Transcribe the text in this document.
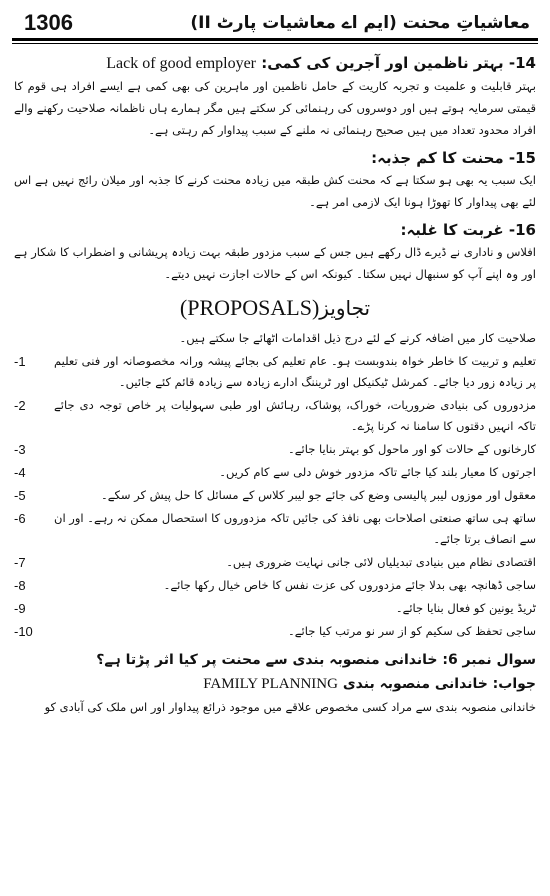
1306	معاشیاتِ محنت (ایم اے معاشیات پارٹ II)

14- بہتر ناظمین اور آجرین کی کمی: Lack of good employer

بہتر قابلیت و علمیت و تجربہ کاریت کے حامل ناظمین اور ماہرین کی بھی کمی ہے ایسے افراد ہی قوم کا قیمتی سرمایہ ہوتے ہیں اور دوسروں کی رہنمائی کر سکتے ہیں مگر ہمارے ہاں ناظمانہ صلاحیت رکھنے والے افراد محدود تعداد میں ہیں صحیح رہنمائی نہ ملنے کے سبب پیداوار کم رہتی ہے۔

15- محنت کا کم جذبہ:

ایک سبب یہ بھی ہو سکتا ہے کہ محنت کش طبقہ میں زیادہ محنت کرنے کا جذبہ اور میلان رائج نہیں ہے اس لئے بھی پیداوار کا تھوڑا ہونا ایک لازمی امر ہے۔

16- غربت کا غلبہ:

افلاس و ناداری نے ڈیرے ڈال رکھے ہیں جس کے سبب مزدور طبقہ بہت زیادہ پریشانی و اضطراب کا شکار ہے اور وہ اپنے آپ کو سنبھال نہیں سکتا۔ کیونکہ اس کے حالات اجازت نہیں دیتے۔

تجاویز(PROPOSALS)

صلاحیت کار میں اضافہ کرنے کے لئے درج ذیل اقدامات اٹھائے جا سکتے ہیں۔

-1	تعلیم و تربیت کا خاطر خواہ بندوبست ہو۔ عام تعلیم کی بجائے پیشہ ورانہ مخصوصانہ اور فنی تعلیم پر زیادہ زور دیا جائے۔ کمرشل ٹیکنیکل اور ٹریننگ ادارے زیادہ سے زیادہ قائم کئے جائیں۔
-2	مزدوروں کی بنیادی ضروریات، خوراک، پوشاک، رہائش اور طبی سہولیات پر خاص توجہ دی جائے تاکہ انہیں دقتوں کا سامنا نہ کرنا پڑے۔
-3	کارخانوں کے حالات کو اور ماحول کو بہتر بنایا جائے۔
-4	اجرتوں کا معیار بلند کیا جائے تاکہ مزدور خوش دلی سے کام کریں۔
-5	معقول اور موزوں لیبر پالیسی وضع کی جائے جو لیبر کلاس کے مسائل کا حل پیش کر سکے۔
-6	ساتھ ہی ساتھ صنعتی اصلاحات بھی نافذ کی جائیں تاکہ مزدوروں کا استحصال ممکن نہ رہے۔ اور ان سے انصاف برتا جائے۔
-7	اقتصادی نظام میں بنیادی تبدیلیاں لائی جانی نہایت ضروری ہیں۔
-8	ساجی ڈھانچہ بھی بدلا جائے مزدوروں کی عزت نفس کا خاص خیال رکھا جائے۔
-9	ٹریڈ یونین کو فعال بنایا جائے۔
-10	ساجی تحفظ کی سکیم کو از سر نو مرتب کیا جائے۔

سوال نمبر 6: خاندانی منصوبہ بندی سے محنت پر کیا اثر پڑتا ہے؟

جواب: خاندانی منصوبہ بندی FAMILY PLANNING

خاندانی منصوبہ بندی سے مراد کسی مخصوص علاقے میں موجود ذرائع پیداوار اور اس ملک کی آبادی کو
